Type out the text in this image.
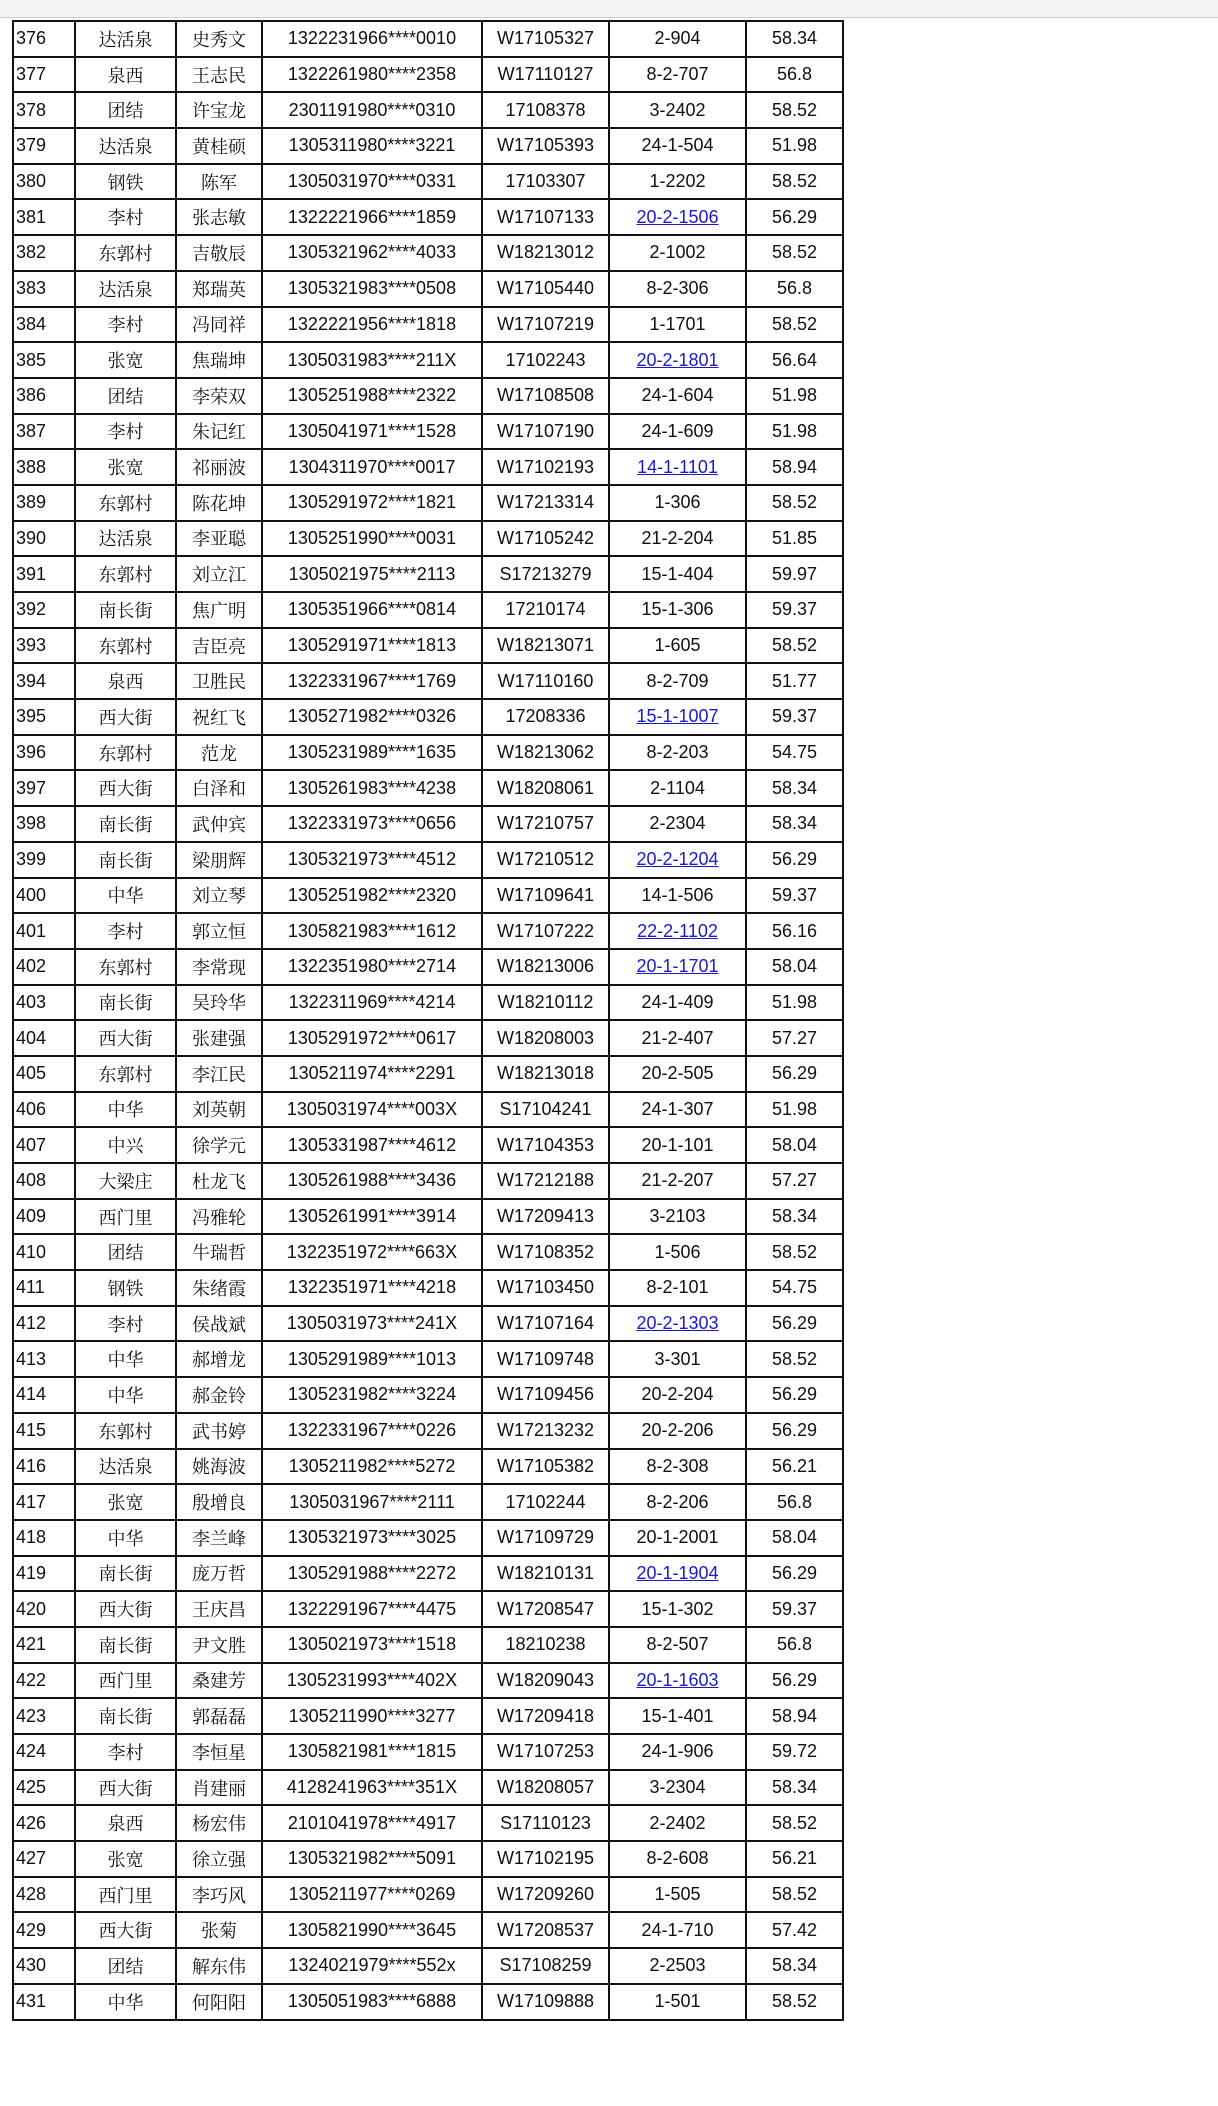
376	达活泉	史秀文	1322231966****0010	W17105327	2-904	58.34
377	泉西	王志民	1322261980****2358	W17110127	8-2-707	56.8
378	团结	许宝龙	2301191980****0310	17108378	3-2402	58.52
379	达活泉	黄桂硕	1305311980****3221	W17105393	24-1-504	51.98
380	钢铁	陈军	1305031970****0331	17103307	1-2202	58.52
381	李村	张志敏	1322221966****1859	W17107133	20-2-1506	56.29
382	东郭村	吉敬辰	1305321962****4033	W18213012	2-1002	58.52
383	达活泉	郑瑞英	1305321983****0508	W17105440	8-2-306	56.8
384	李村	冯同祥	1322221956****1818	W17107219	1-1701	58.52
385	张宽	焦瑞坤	1305031983****211X	17102243	20-2-1801	56.64
386	团结	李荣双	1305251988****2322	W17108508	24-1-604	51.98
387	李村	朱记红	1305041971****1528	W17107190	24-1-609	51.98
388	张宽	祁丽波	1304311970****0017	W17102193	14-1-1101	58.94
389	东郭村	陈花坤	1305291972****1821	W17213314	1-306	58.52
390	达活泉	李亚聪	1305251990****0031	W17105242	21-2-204	51.85
391	东郭村	刘立江	1305021975****2113	S17213279	15-1-404	59.97
392	南长街	焦广明	1305351966****0814	17210174	15-1-306	59.37
393	东郭村	吉臣亮	1305291971****1813	W18213071	1-605	58.52
394	泉西	卫胜民	1322331967****1769	W17110160	8-2-709	51.77
395	西大街	祝红飞	1305271982****0326	17208336	15-1-1007	59.37
396	东郭村	范龙	1305231989****1635	W18213062	8-2-203	54.75
397	西大街	白泽和	1305261983****4238	W18208061	2-1104	58.34
398	南长街	武仲宾	1322331973****0656	W17210757	2-2304	58.34
399	南长街	梁朋辉	1305321973****4512	W17210512	20-2-1204	56.29
400	中华	刘立琴	1305251982****2320	W17109641	14-1-506	59.37
401	李村	郭立恒	1305821983****1612	W17107222	22-2-1102	56.16
402	东郭村	李常现	1322351980****2714	W18213006	20-1-1701	58.04
403	南长街	吴玲华	1322311969****4214	W18210112	24-1-409	51.98
404	西大街	张建强	1305291972****0617	W18208003	21-2-407	57.27
405	东郭村	李江民	1305211974****2291	W18213018	20-2-505	56.29
406	中华	刘英朝	1305031974****003X	S17104241	24-1-307	51.98
407	中兴	徐学元	1305331987****4612	W17104353	20-1-101	58.04
408	大梁庄	杜龙飞	1305261988****3436	W17212188	21-2-207	57.27
409	西门里	冯雅轮	1305261991****3914	W17209413	3-2103	58.34
410	团结	牛瑞哲	1322351972****663X	W17108352	1-506	58.52
411	钢铁	朱绪霞	1322351971****4218	W17103450	8-2-101	54.75
412	李村	侯战斌	1305031973****241X	W17107164	20-2-1303	56.29
413	中华	郝增龙	1305291989****1013	W17109748	3-301	58.52
414	中华	郝金铃	1305231982****3224	W17109456	20-2-204	56.29
415	东郭村	武书婷	1322331967****0226	W17213232	20-2-206	56.29
416	达活泉	姚海波	1305211982****5272	W17105382	8-2-308	56.21
417	张宽	殷增良	1305031967****2111	17102244	8-2-206	56.8
418	中华	李兰峰	1305321973****3025	W17109729	20-1-2001	58.04
419	南长街	庞万哲	1305291988****2272	W18210131	20-1-1904	56.29
420	西大街	王庆昌	1322291967****4475	W17208547	15-1-302	59.37
421	南长街	尹文胜	1305021973****1518	18210238	8-2-507	56.8
422	西门里	桑建芳	1305231993****402X	W18209043	20-1-1603	56.29
423	南长街	郭磊磊	1305211990****3277	W17209418	15-1-401	58.94
424	李村	李恒星	1305821981****1815	W17107253	24-1-906	59.72
425	西大街	肖建丽	4128241963****351X	W18208057	3-2304	58.34
426	泉西	杨宏伟	2101041978****4917	S17110123	2-2402	58.52
427	张宽	徐立强	1305321982****5091	W17102195	8-2-608	56.21
428	西门里	李巧风	1305211977****0269	W17209260	1-505	58.52
429	西大街	张菊	1305821990****3645	W17208537	24-1-710	57.42
430	团结	解东伟	1324021979****552x	S17108259	2-2503	58.34
431	中华	何阳阳	1305051983****6888	W17109888	1-501	58.52
